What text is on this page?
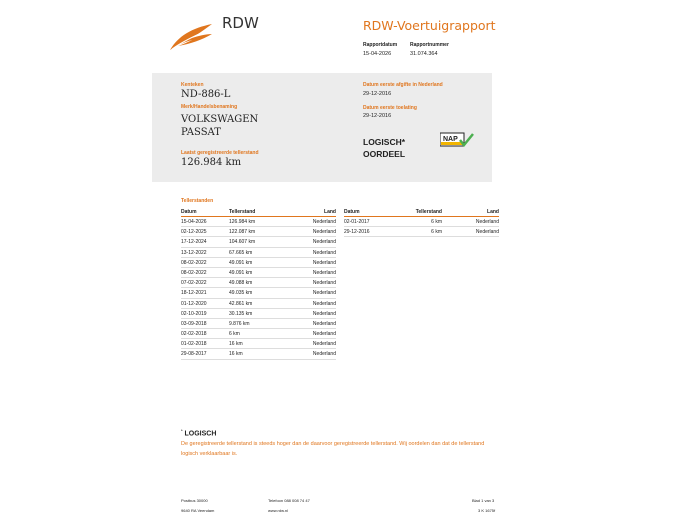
RDW	RDW-Voertuigrapport
Rapportdatum	Rapportnummer
15-04-2026	31.074.364
Kenteken
ND-886-L
Merk/Handelsbenaming
VOLKSWAGEN
PASSAT
Laatst geregistreerde tellerstand
126.984 km
Datum eerste afgifte in Nederland
29-12-2016
Datum eerste toelating
29-12-2016
LOGISCH*
OORDEEL
NAP
Tellerstanden
Datum	Tellerstand	Land
15-04-2026	126.984 km	Nederland
02-12-2025	122.087 km	Nederland
17-12-2024	104.607 km	Nederland
13-12-2022	67.665 km	Nederland
08-02-2022	49.091 km	Nederland
08-02-2022	49.091 km	Nederland
07-02-2022	49.088 km	Nederland
18-12-2021	49.035 km	Nederland
01-12-2020	42.861 km	Nederland
02-10-2019	30.135 km	Nederland
03-09-2018	9.876 km	Nederland
02-02-2018	6 km	Nederland
01-02-2018	16 km	Nederland
29-08-2017	16 km	Nederland
Datum	Tellerstand	Land
02-01-2017	6 km	Nederland
29-12-2016	6 km	Nederland
* LOGISCH
De geregistreerde tellerstand is steeds hoger dan de daarvoor geregistreerde tellerstand. Wij oordelen dan dat de tellerstand logisch verklaarbaar is.
Postbus 30000	Telefoon 088 008 74 47	Blad 1 van 3
9640 RA Veendam	www.rdw.nl	3 K 1675f
